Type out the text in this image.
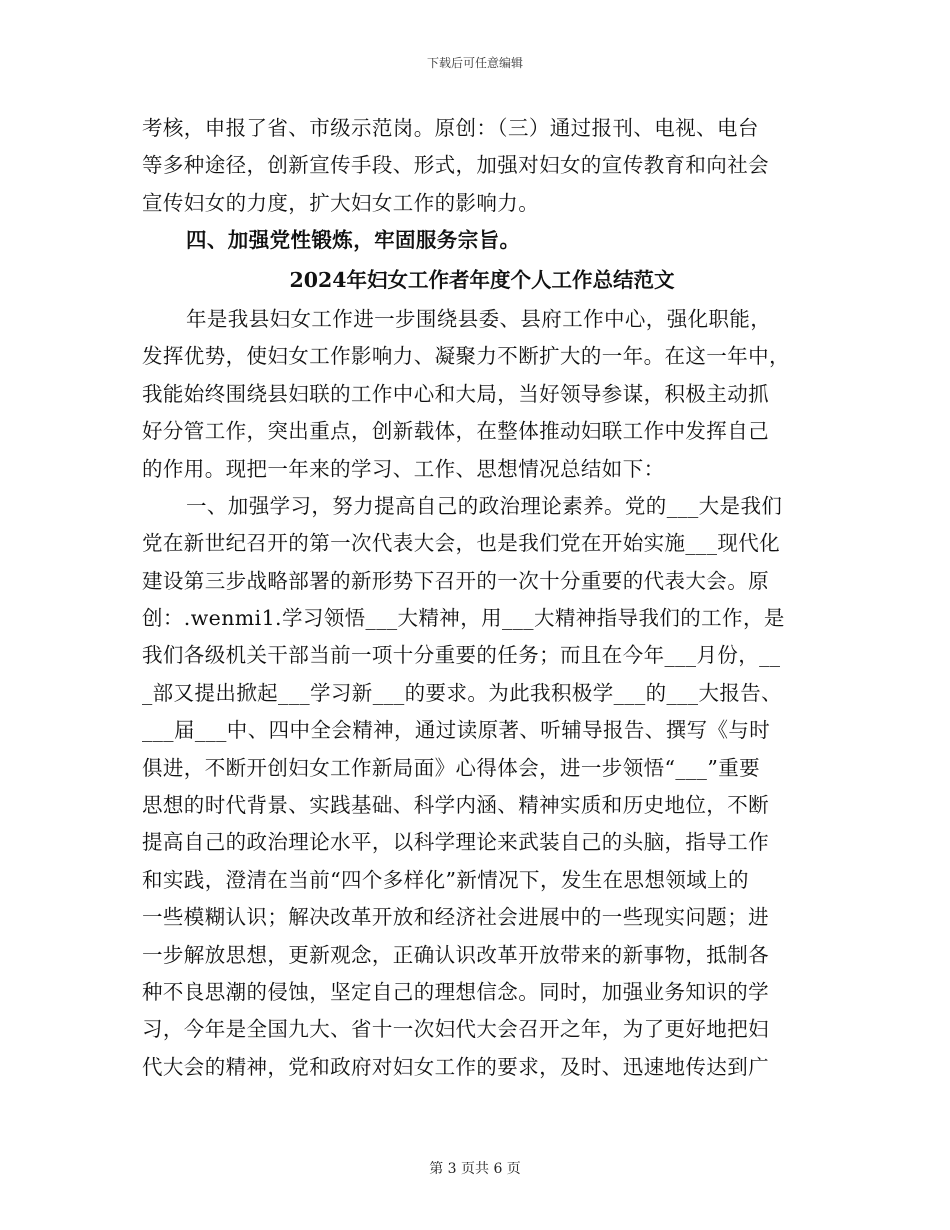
下载后可任意编辑
考核，申报了省、市级示范岗。原创：（三）通过报刊、电视、电台
等多种途径，创新宣传手段、形式，加强对妇女的宣传教育和向社会
宣传妇女的力度，扩大妇女工作的影响力。
四、加强党性锻炼，牢固服务宗旨。
2024年妇女工作者年度个人工作总结范文
年是我县妇女工作进一步围绕县委、县府工作中心，强化职能，
发挥优势，使妇女工作影响力、凝聚力不断扩大的一年。在这一年中，
我能始终围绕县妇联的工作中心和大局，当好领导参谋，积极主动抓
好分管工作，突出重点，创新载体，在整体推动妇联工作中发挥自己
的作用。现把一年来的学习、工作、思想情况总结如下：
一、加强学习，努力提高自己的政治理论素养。党的___大是我们
党在新世纪召开的第一次代表大会，也是我们党在开始实施___现代化
建设第三步战略部署的新形势下召开的一次十分重要的代表大会。原
创：.wenmi1.学习领悟___大精神，用___大精神指导我们的工作，是
我们各级机关干部当前一项十分重要的任务；而且在今年___月份，__
_部又提出掀起___学习新___的要求。为此我积极学___的___大报告、
___届___中、四中全会精神，通过读原著、听辅导报告、撰写《与时
俱进，不断开创妇女工作新局面》心得体会，进一步领悟“___”重要
思想的时代背景、实践基础、科学内涵、精神实质和历史地位，不断
提高自己的政治理论水平，以科学理论来武装自己的头脑，指导工作
和实践，澄清在当前“四个多样化”新情况下，发生在思想领域上的
一些模糊认识；解决改革开放和经济社会进展中的一些现实问题；进
一步解放思想，更新观念，正确认识改革开放带来的新事物，抵制各
种不良思潮的侵蚀，坚定自己的理想信念。同时，加强业务知识的学
习，今年是全国九大、省十一次妇代大会召开之年，为了更好地把妇
代大会的精神，党和政府对妇女工作的要求，及时、迅速地传达到广
第 3 页共 6 页
